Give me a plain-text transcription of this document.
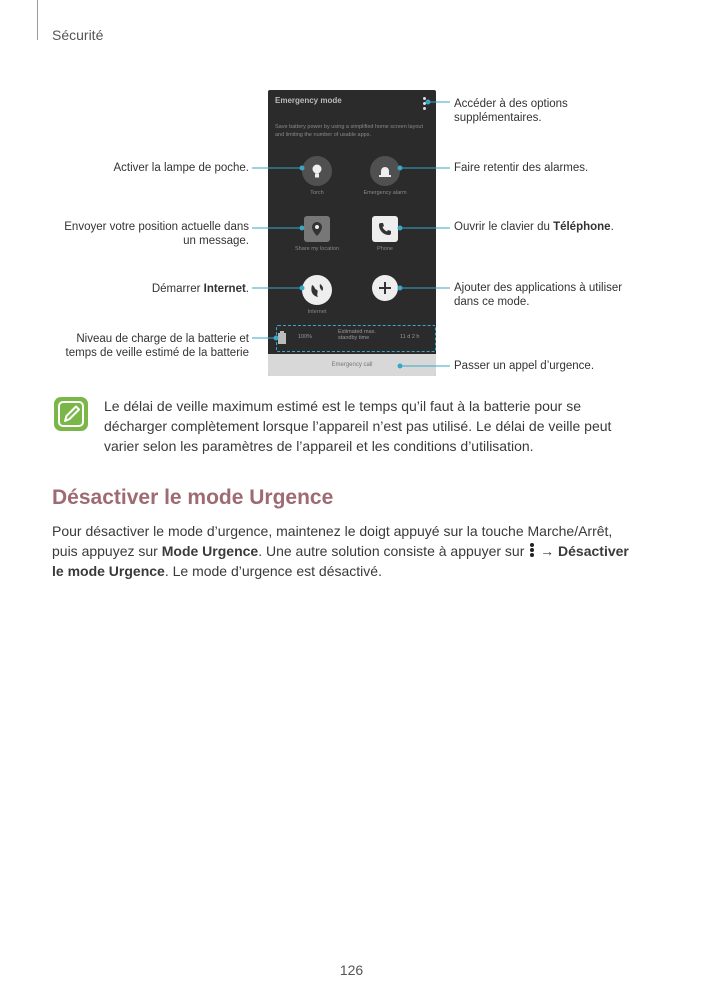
Sécurité
Emergency mode
Save battery power by using a simplified home screen layout and limiting the number of usable apps.
Torch	Emergency alarm
Share my location	Phone
Internet
100%
Estimated max. standby time	11 d 2 h
Emergency call
Accéder à des options supplémentaires.
Activer la lampe de poche.	Faire retentir des alarmes.
Envoyer votre position actuelle dans un message.
Ouvrir le clavier du Téléphone.
Démarrer Internet.	Ajouter des applications à utiliser dans ce mode.
Niveau de charge de la batterie et temps de veille estimé de la batterie
Passer un appel d’urgence.
Le délai de veille maximum estimé est le temps qu’il faut à la batterie pour se décharger complètement lorsque l’appareil n’est pas utilisé. Le délai de veille peut varier selon les paramètres de l’appareil et les conditions d’utilisation.
Désactiver le mode Urgence
Pour désactiver le mode d’urgence, maintenez le doigt appuyé sur la touche Marche/Arrêt, puis appuyez sur Mode Urgence. Une autre solution consiste à appuyer sur
→ Désactiver le mode Urgence. Le mode d’urgence est désactivé.
126
